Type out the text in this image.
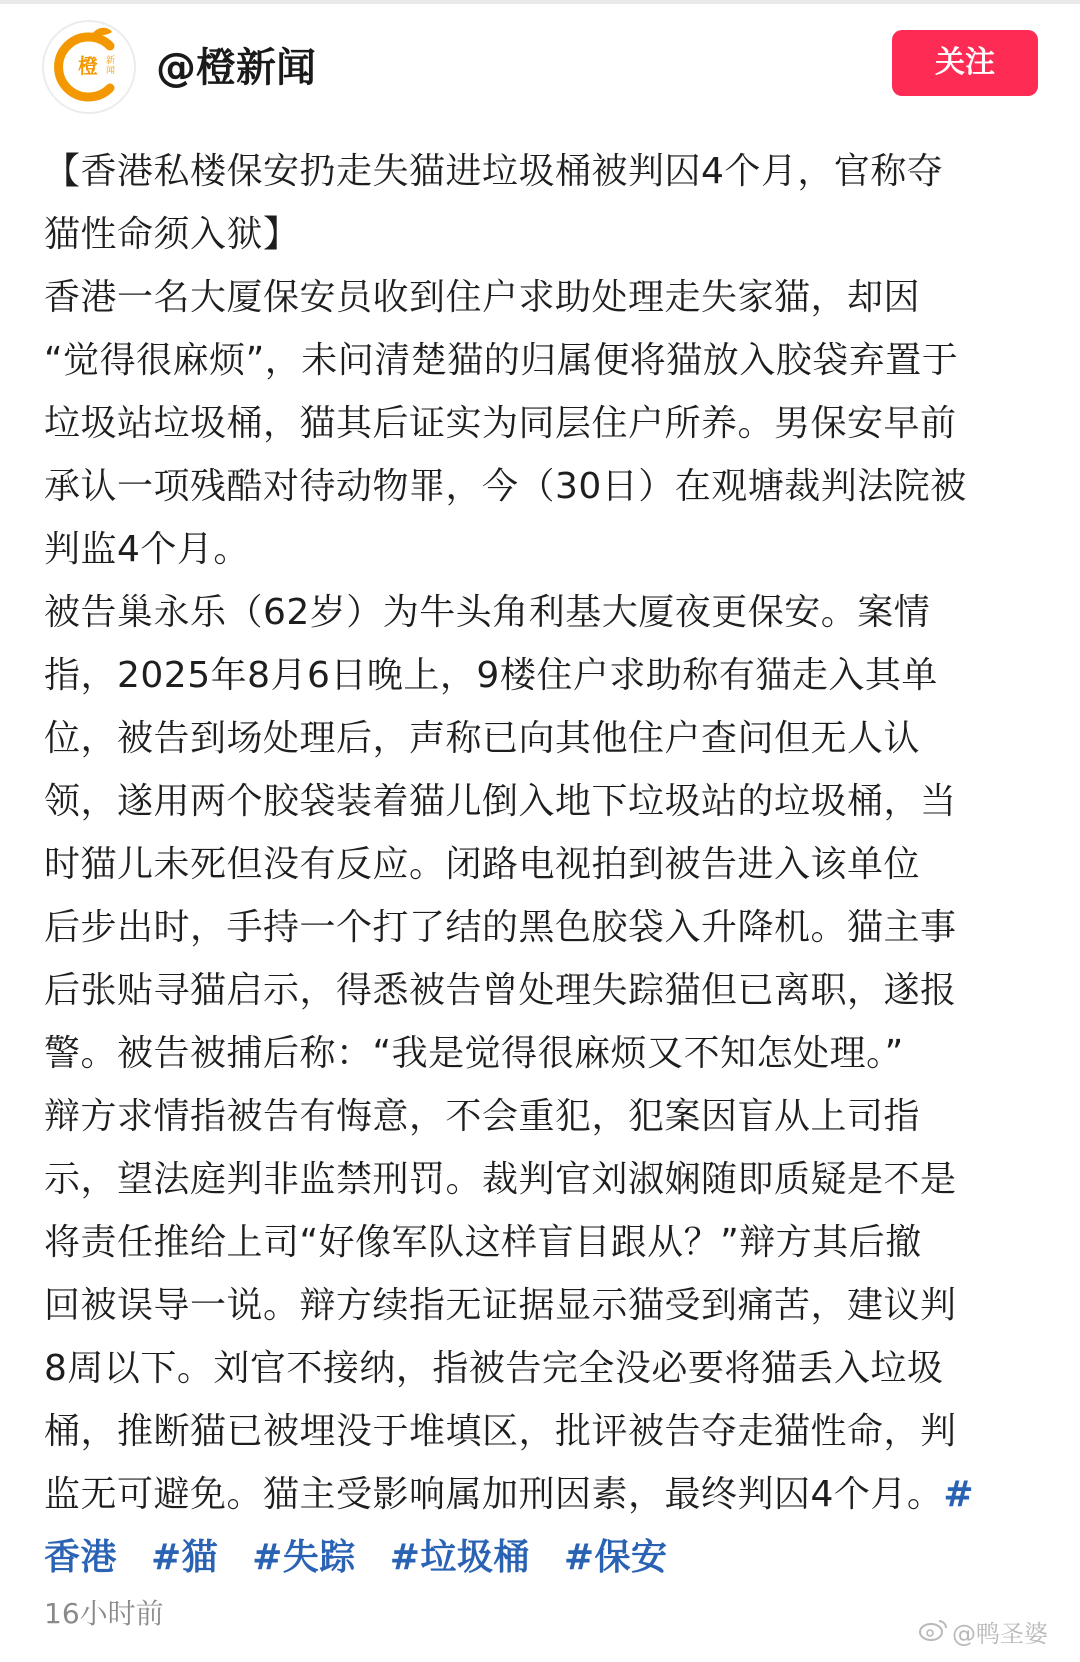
橙 新闻 @橙新闻	关注
【香港私楼保安扔走失猫进垃圾桶被判囚4个月，官称夺
猫性命须入狱】
香港一名大厦保安员收到住户求助处理走失家猫，却因
“觉得很麻烦”，未问清楚猫的归属便将猫放入胶袋弃置于
垃圾站垃圾桶，猫其后证实为同层住户所养。男保安早前
承认一项残酷对待动物罪，今（30日）在观塘裁判法院被
判监4个月。
被告巢永乐（62岁）为牛头角利基大厦夜更保安。案情
指，2025年8月6日晚上，9楼住户求助称有猫走入其单
位，被告到场处理后，声称已向其他住户查问但无人认
领，遂用两个胶袋装着猫儿倒入地下垃圾站的垃圾桶，当
时猫儿未死但没有反应。闭路电视拍到被告进入该单位
后步出时，手持一个打了结的黑色胶袋入升降机。猫主事
后张贴寻猫启示，得悉被告曾处理失踪猫但已离职，遂报
警。被告被捕后称：“我是觉得很麻烦又不知怎处理。”
辩方求情指被告有悔意，不会重犯，犯案因盲从上司指
示，望法庭判非监禁刑罚。裁判官刘淑娴随即质疑是不是
将责任推给上司“好像军队这样盲目跟从？”辩方其后撤
回被误导一说。辩方续指无证据显示猫受到痛苦，建议判
8周以下。刘官不接纳，指被告完全没必要将猫丢入垃圾
桶，推断猫已被埋没于堆填区，批评被告夺走猫性命，判
监无可避免。猫主受影响属加刑因素，最终判囚4个月。#
香港 #猫 #失踪 #垃圾桶 #保安
16小时前
@鸭圣婆
